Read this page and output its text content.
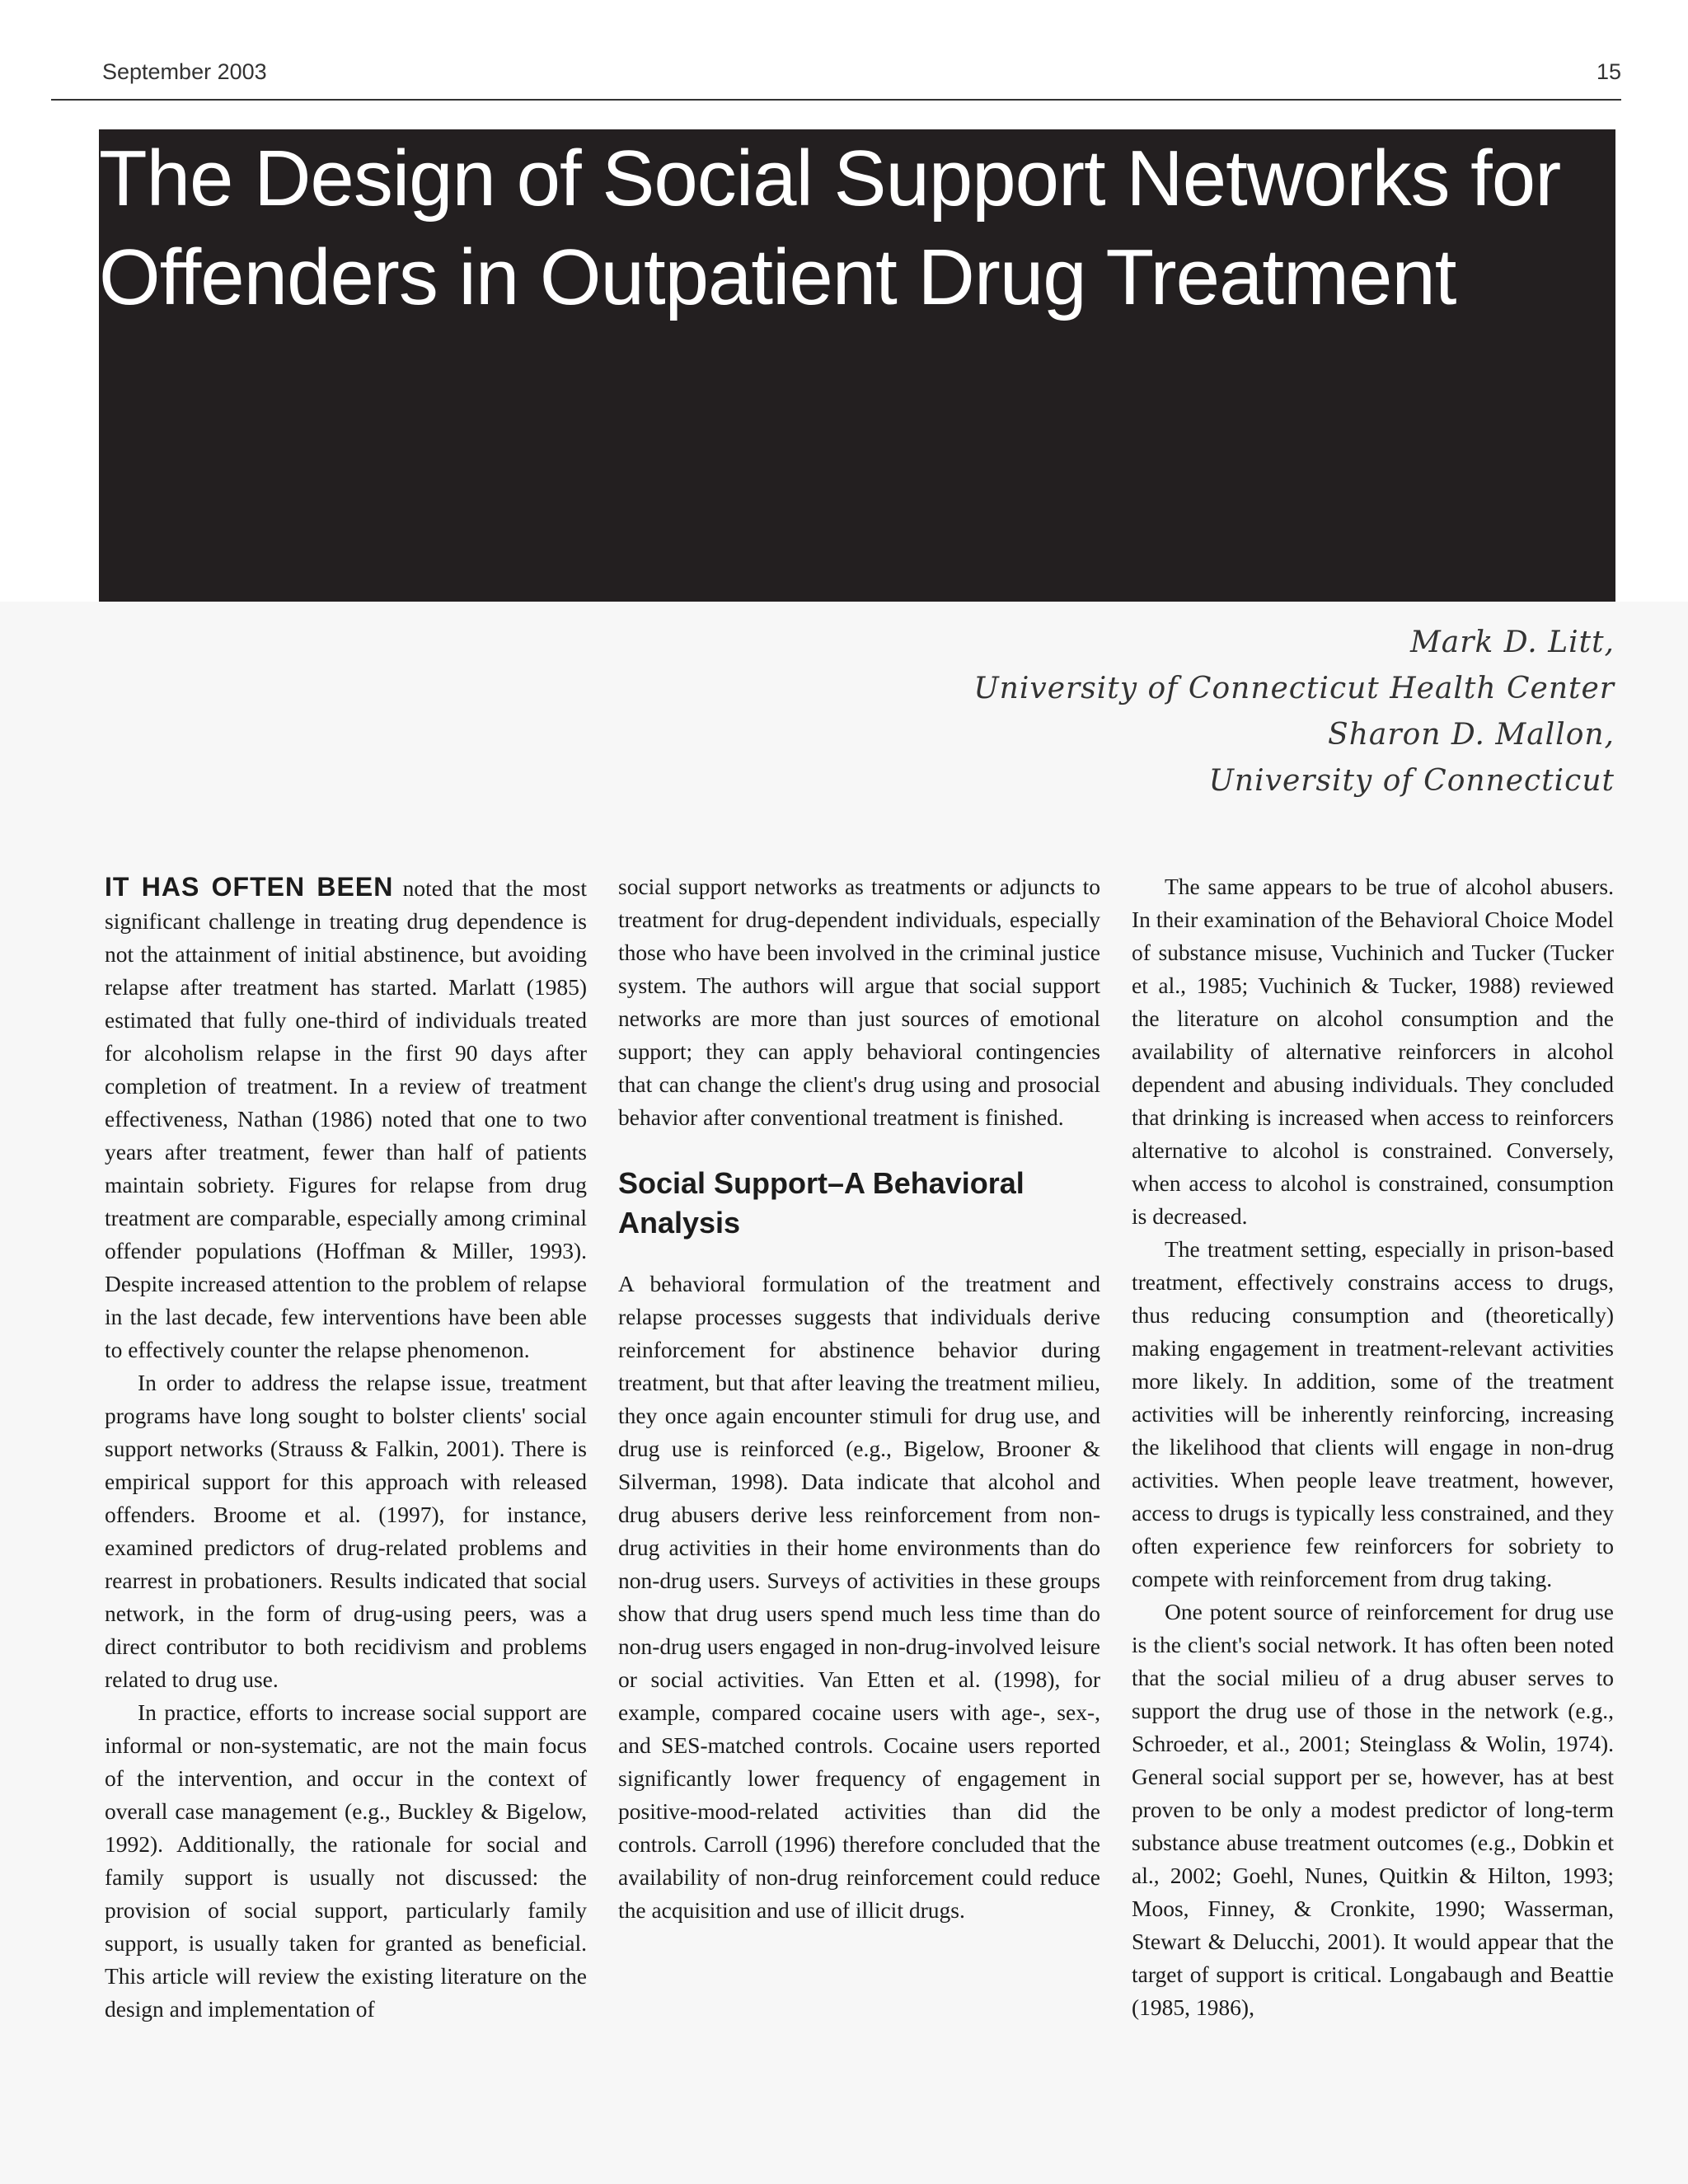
September 2003	15
The Design of Social Support Networks for Offenders in Outpatient Drug Treatment
Mark D. Litt,
University of Connecticut Health Center
Sharon D. Mallon,
University of Connecticut

IT HAS OFTEN BEEN noted that the most significant challenge in treating drug dependence is not the attainment of initial abstinence, but avoiding relapse after treatment has started. Marlatt (1985) estimated that fully one-third of individuals treated for alcoholism relapse in the first 90 days after completion of treatment. In a review of treatment effectiveness, Nathan (1986) noted that one to two years after treatment, fewer than half of patients maintain sobriety. Figures for relapse from drug treatment are comparable, especially among criminal offender populations (Hoffman & Miller, 1993). Despite increased attention to the problem of relapse in the last decade, few interventions have been able to effectively counter the relapse phenomenon.

In order to address the relapse issue, treatment programs have long sought to bolster clients' social support networks (Strauss & Falkin, 2001). There is empirical support for this approach with released offenders. Broome et al. (1997), for instance, examined predictors of drug-related problems and rearrest in probationers. Results indicated that social network, in the form of drug-using peers, was a direct contributor to both recidivism and problems related to drug use.

In practice, efforts to increase social support are informal or non-systematic, are not the main focus of the intervention, and occur in the context of overall case management (e.g., Buckley & Bigelow, 1992). Additionally, the rationale for social and family support is usually not discussed: the provision of social support, particularly family support, is usually taken for granted as beneficial. This article will review the existing literature on the design and implementation of

social support networks as treatments or adjuncts to treatment for drug-dependent individuals, especially those who have been involved in the criminal justice system. The authors will argue that social support networks are more than just sources of emotional support; they can apply behavioral contingencies that can change the client's drug using and prosocial behavior after conventional treatment is finished.

Social Support–A Behavioral Analysis

A behavioral formulation of the treatment and relapse processes suggests that individuals derive reinforcement for abstinence behavior during treatment, but that after leaving the treatment milieu, they once again encounter stimuli for drug use, and drug use is reinforced (e.g., Bigelow, Brooner & Silverman, 1998). Data indicate that alcohol and drug abusers derive less reinforcement from non-drug activities in their home environments than do non-drug users. Surveys of activities in these groups show that drug users spend much less time than do non-drug users engaged in non-drug-involved leisure or social activities. Van Etten et al. (1998), for example, compared cocaine users with age-, sex-, and SES-matched controls. Cocaine users reported significantly lower frequency of engagement in positive-mood-related activities than did the controls. Carroll (1996) therefore concluded that the availability of non-drug reinforcement could reduce the acquisition and use of illicit drugs.

The same appears to be true of alcohol abusers. In their examination of the Behavioral Choice Model of substance misuse, Vuchinich and Tucker (Tucker et al., 1985; Vuchinich & Tucker, 1988) reviewed the literature on alcohol consumption and the availability of alternative reinforcers in alcohol dependent and abusing individuals. They concluded that drinking is increased when access to reinforcers alternative to alcohol is constrained. Conversely, when access to alcohol is constrained, consumption is decreased.

The treatment setting, especially in prison-based treatment, effectively constrains access to drugs, thus reducing consumption and (theoretically) making engagement in treatment-relevant activities more likely. In addition, some of the treatment activities will be inherently reinforcing, increasing the likelihood that clients will engage in non-drug activities. When people leave treatment, however, access to drugs is typically less constrained, and they often experience few reinforcers for sobriety to compete with reinforcement from drug taking.

One potent source of reinforcement for drug use is the client's social network. It has often been noted that the social milieu of a drug abuser serves to support the drug use of those in the network (e.g., Schroeder, et al., 2001; Steinglass & Wolin, 1974). General social support per se, however, has at best proven to be only a modest predictor of long-term substance abuse treatment outcomes (e.g., Dobkin et al., 2002; Goehl, Nunes, Quitkin & Hilton, 1993; Moos, Finney, & Cronkite, 1990; Wasserman, Stewart & Delucchi, 2001). It would appear that the target of support is critical. Longabaugh and Beattie (1985, 1986),
